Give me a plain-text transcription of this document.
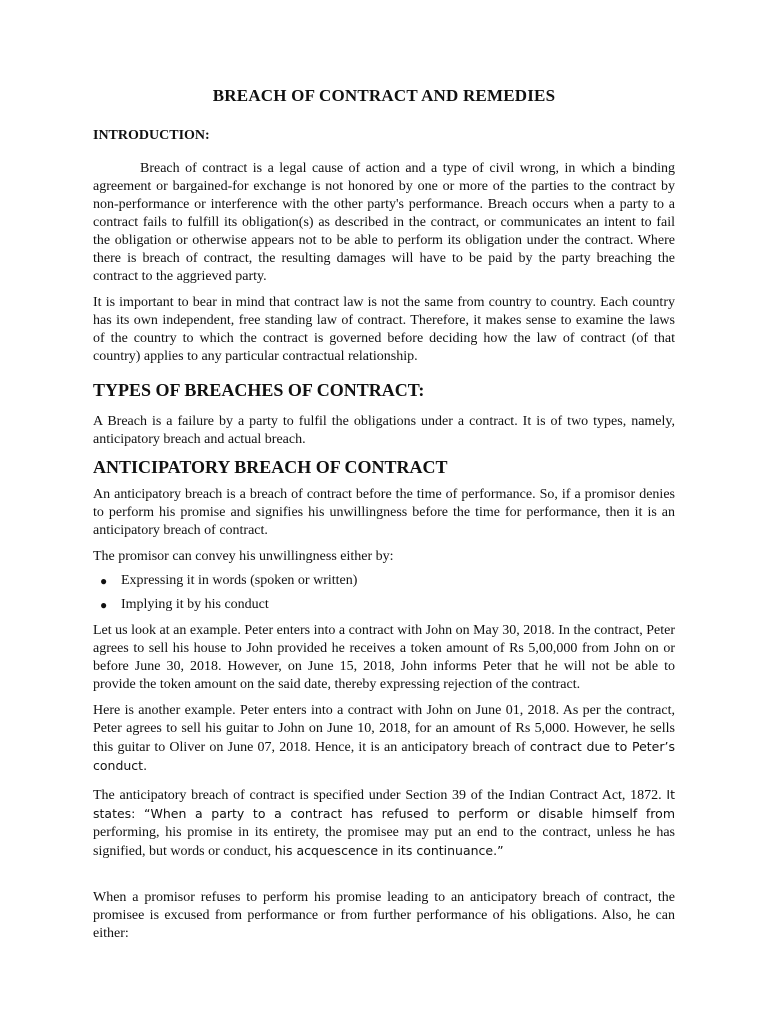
BREACH OF CONTRACT AND REMEDIES
INTRODUCTION:

Breach of contract is a legal cause of action and a type of civil wrong, in which a binding agreement or bargained-for exchange is not honored by one or more of the parties to the contract by non-performance or interference with the other party's performance. Breach occurs when a party to a contract fails to fulfill its obligation(s) as described in the contract, or communicates an intent to fail the obligation or otherwise appears not to be able to perform its obligation under the contract. Where there is breach of contract, the resulting damages will have to be paid by the party breaching the contract to the aggrieved party.

It is important to bear in mind that contract law is not the same from country to country. Each country has its own independent, free standing law of contract. Therefore, it makes sense to examine the laws of the country to which the contract is governed before deciding how the law of contract (of that country) applies to any particular contractual relationship.

TYPES OF BREACHES OF CONTRACT:

A Breach is a failure by a party to fulfil the obligations under a contract. It is of two types, namely, anticipatory breach and actual breach.

ANTICIPATORY BREACH OF CONTRACT

An anticipatory breach is a breach of contract before the time of performance. So, if a promisor denies to perform his promise and signifies his unwillingness before the time for performance, then it is an anticipatory breach of contract.

The promisor can convey his unwillingness either by:

● Expressing it in words (spoken or written)
● Implying it by his conduct

Let us look at an example. Peter enters into a contract with John on May 30, 2018. In the contract, Peter agrees to sell his house to John provided he receives a token amount of Rs 5,00,000 from John on or before June 30, 2018. However, on June 15, 2018, John informs Peter that he will not be able to provide the token amount on the said date, thereby expressing rejection of the contract.

Here is another example. Peter enters into a contract with John on June 01, 2018. As per the contract, Peter agrees to sell his guitar to John on June 10, 2018, for an amount of Rs 5,000. However, he sells this guitar to Oliver on June 07, 2018. Hence, it is an anticipatory breach of contract due to Peter’s conduct.

The anticipatory breach of contract is specified under Section 39 of the Indian Contract Act, 1872. It states: “When a party to a contract has refused to perform or disable himself from performing, his promise in its entirety, the promisee may put an end to the contract, unless he has signified, but words or conduct, his acquescence in its continuance.”

When a promisor refuses to perform his promise leading to an anticipatory breach of contract, the promisee is excused from performance or from further performance of his obligations. Also, he can either:
